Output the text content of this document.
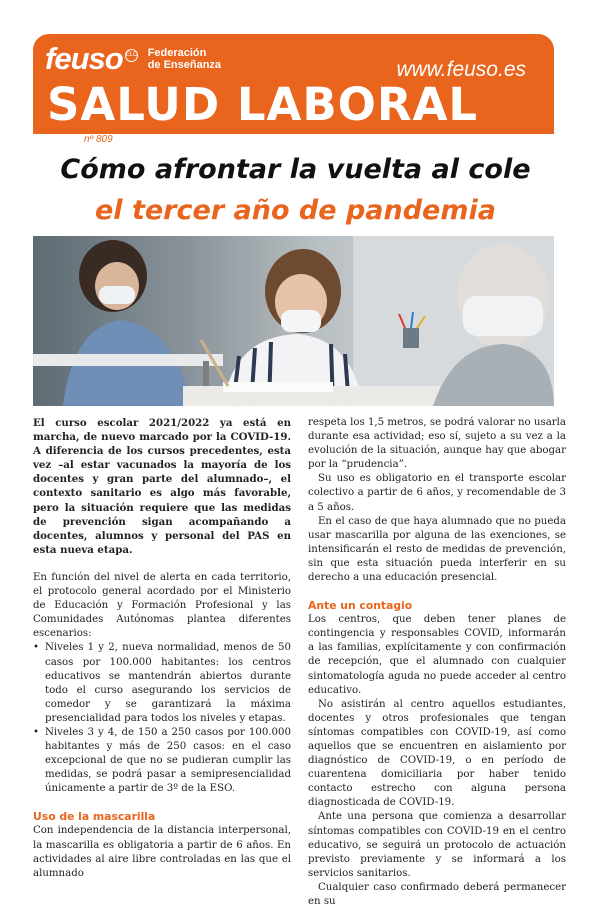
feuso ELO Federación
de Enseñanza	www.feuso.es
SALUD LABORAL
nº 809
Cómo afrontar la vuelta al cole
el tercer año de pandemia

El curso escolar 2021/2022 ya está en marcha, de nuevo marcado por la COVID-19. A diferencia de los cursos precedentes, esta vez –al estar vacunados la mayoría de los docentes y gran parte del alumnado–, el contexto sanitario es algo más favorable, pero la situación requiere que las medidas de prevención sigan acompañando a docentes, alumnos y personal del PAS en esta nueva etapa.

En función del nivel de alerta en cada territorio, el protocolo general acordado por el Ministerio de Educación y Formación Profesional y las Comunidades Autónomas plantea diferentes escenarios:

• Niveles 1 y 2, nueva normalidad, menos de 50 casos por 100.000 habitantes: los centros educativos se mantendrán abiertos durante todo el curso asegurando los servicios de comedor y se garantizará la máxima presencialidad para todos los niveles y etapas.
• Niveles 3 y 4, de 150 a 250 casos por 100.000 habitantes y más de 250 casos: en el caso excepcional de que no se pudieran cumplir las medidas, se podrá pasar a semipresencialidad únicamente a partir de 3º de la ESO.
Uso de la mascarilla

Con independencia de la distancia interpersonal, la mascarilla es obligatoria a partir de 6 años. En actividades al aire libre controladas en las que el alumnado

respeta los 1,5 metros, se podrá valorar no usarla durante esa actividad; eso sí, sujeto a su vez a la evolución de la situación, aunque hay que abogar por la “prudencia”.

Su uso es obligatorio en el transporte escolar colectivo a partir de 6 años, y recomendable de 3 a 5 años.

En el caso de que haya alumnado que no pueda usar mascarilla por alguna de las exenciones, se intensificarán el resto de medidas de prevención, sin que esta situación pueda interferir en su derecho a una educación presencial.

Ante un contagio

Los centros, que deben tener planes de contingencia y responsables COVID, informarán a las familias, explícitamente y con confirmación de recepción, que el alumnado con cualquier sintomatología aguda no puede acceder al centro educativo.

No asistirán al centro aquellos estudiantes, docentes y otros profesionales que tengan síntomas compatibles con COVID-19, así como aquellos que se encuentren en aislamiento por diagnóstico de COVID-19, o en período de cuarentena domiciliaria por haber tenido contacto estrecho con alguna persona diagnosticada de COVID-19.

Ante una persona que comienza a desarrollar síntomas compatibles con COVID-19 en el centro educativo, se seguirá un protocolo de actuación previsto previamente y se informará a los servicios sanitarios.

Cualquier caso confirmado deberá permanecer en su
